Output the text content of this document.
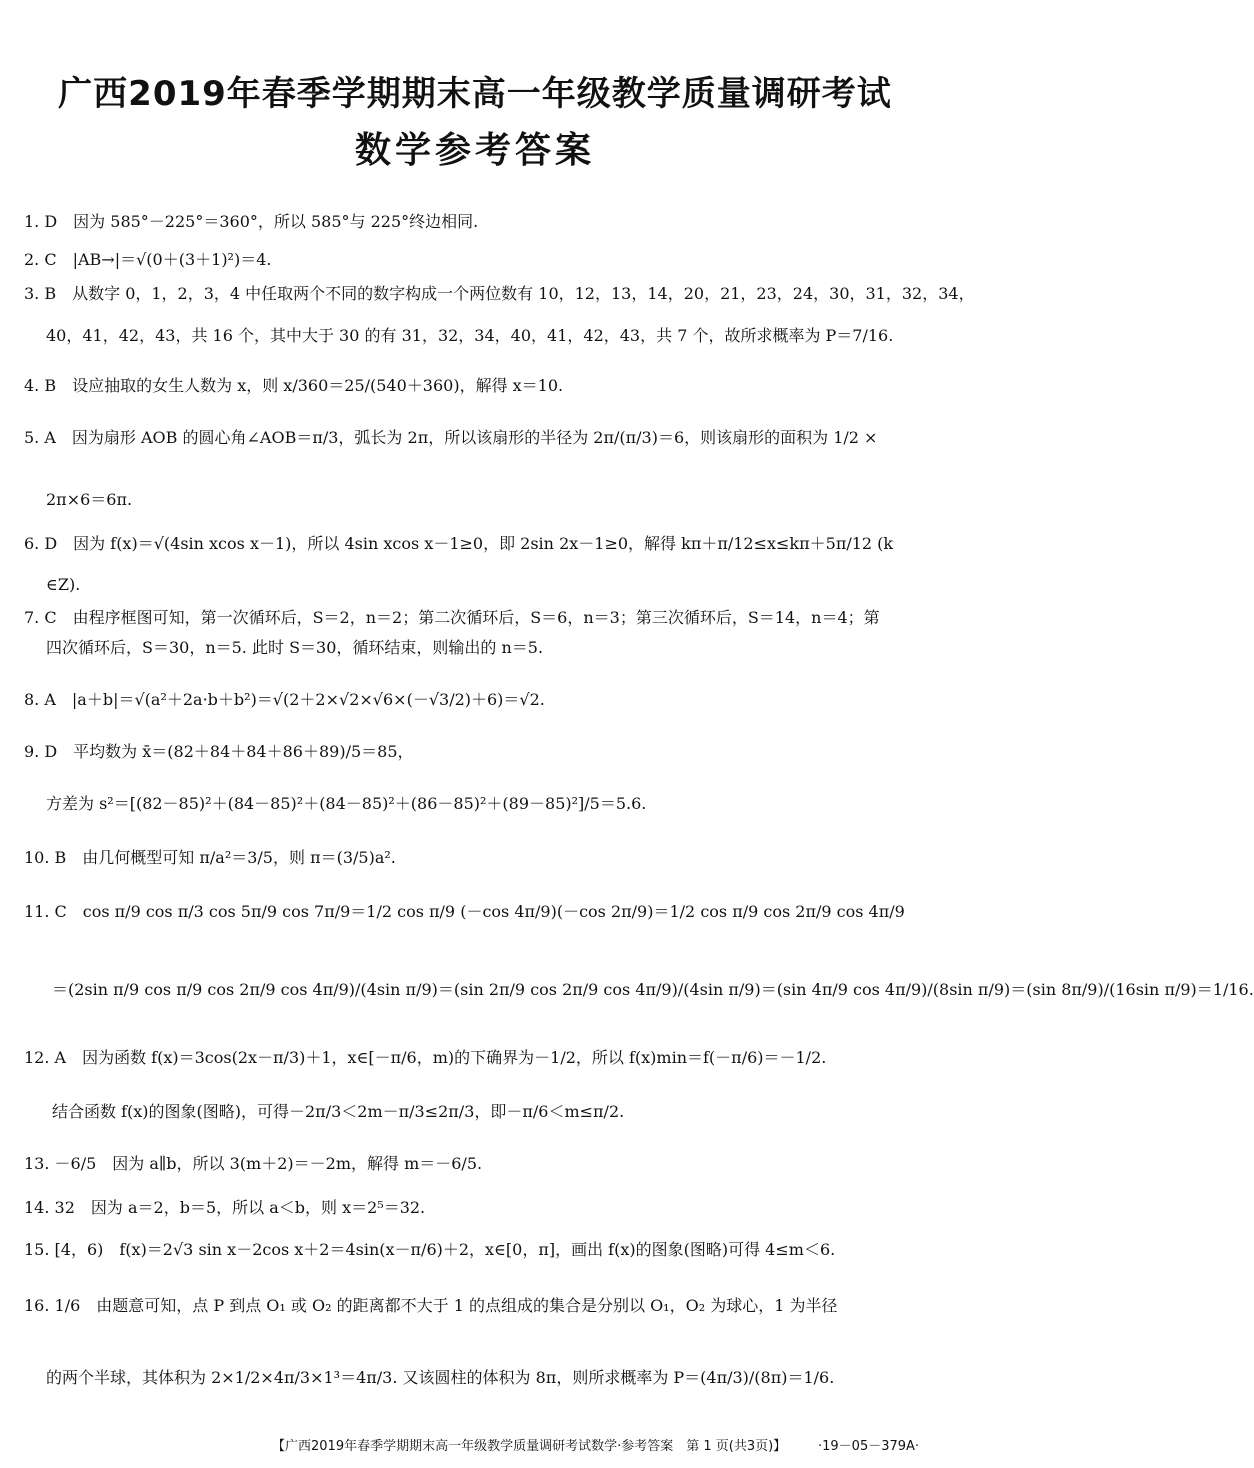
广西2019年春季学期期末高一年级教学质量调研考试
数学参考答案
1. D　因为 585°－225°＝360°，所以 585°与 225°终边相同.
2. C　|AB→|＝√(0＋(3＋1)²)＝4.
3. B　从数字 0，1，2，3，4 中任取两个不同的数字构成一个两位数有 10，12，13，14，20，21，23，24，30，31，32，34，
40，41，42，43，共 16 个，其中大于 30 的有 31，32，34，40，41，42，43，共 7 个，故所求概率为 P＝7/16.
4. B　设应抽取的女生人数为 x，则 x/360＝25/(540＋360)，解得 x＝10.
5. A　因为扇形 AOB 的圆心角∠AOB＝π/3，弧长为 2π，所以该扇形的半径为 2π/(π/3)＝6，则该扇形的面积为 1/2 ×
2π×6＝6π.
6. D　因为 f(x)＝√(4sin xcos x－1)，所以 4sin xcos x－1≥0，即 2sin 2x－1≥0，解得 kπ＋π/12≤x≤kπ＋5π/12 (k
∈Z).
7. C　由程序框图可知，第一次循环后，S＝2，n＝2；第二次循环后，S＝6，n＝3；第三次循环后，S＝14，n＝4；第
四次循环后，S＝30，n＝5. 此时 S＝30，循环结束，则输出的 n＝5.
8. A　|a＋b|＝√(a²＋2a·b＋b²)＝√(2＋2×√2×√6×(－√3/2)＋6)＝√2.
9. D　平均数为 x̄＝(82＋84＋84＋86＋89)/5＝85，
方差为 s²＝[(82－85)²＋(84－85)²＋(84－85)²＋(86－85)²＋(89－85)²]/5＝5.6.
10. B　由几何概型可知 π/a²＝3/5，则 π＝(3/5)a².
11. C　cos π/9 cos π/3 cos 5π/9 cos 7π/9＝1/2 cos π/9 (－cos 4π/9)(－cos 2π/9)＝1/2 cos π/9 cos 2π/9 cos 4π/9
＝(2sin π/9 cos π/9 cos 2π/9 cos 4π/9)/(4sin π/9)＝(sin 2π/9 cos 2π/9 cos 4π/9)/(4sin π/9)＝(sin 4π/9 cos 4π/9)/(8sin π/9)＝(sin 8π/9)/(16sin π/9)＝1/16.
12. A　因为函数 f(x)＝3cos(2x－π/3)＋1，x∈[－π/6，m)的下确界为－1/2，所以 f(x)min＝f(－π/6)＝－1/2.
结合函数 f(x)的图象(图略)，可得－2π/3＜2m－π/3≤2π/3，即－π/6＜m≤π/2.
13. －6/5　因为 a∥b，所以 3(m＋2)＝－2m，解得 m＝－6/5.
14. 32　因为 a＝2，b＝5，所以 a＜b，则 x＝2⁵＝32.
15. [4，6)　f(x)＝2√3 sin x－2cos x＋2＝4sin(x－π/6)＋2，x∈[0，π]，画出 f(x)的图象(图略)可得 4≤m＜6.
16. 1/6　由题意可知，点 P 到点 O₁ 或 O₂ 的距离都不大于 1 的点组成的集合是分别以 O₁，O₂ 为球心，1 为半径
的两个半球，其体积为 2×1/2×4π/3×1³＝4π/3. 又该圆柱的体积为 8π，则所求概率为 P＝(4π/3)/(8π)＝1/6.
【广西2019年春季学期期末高一年级教学质量调研考试数学·参考答案　第 1 页(共3页)】 ·19－05－379A·
